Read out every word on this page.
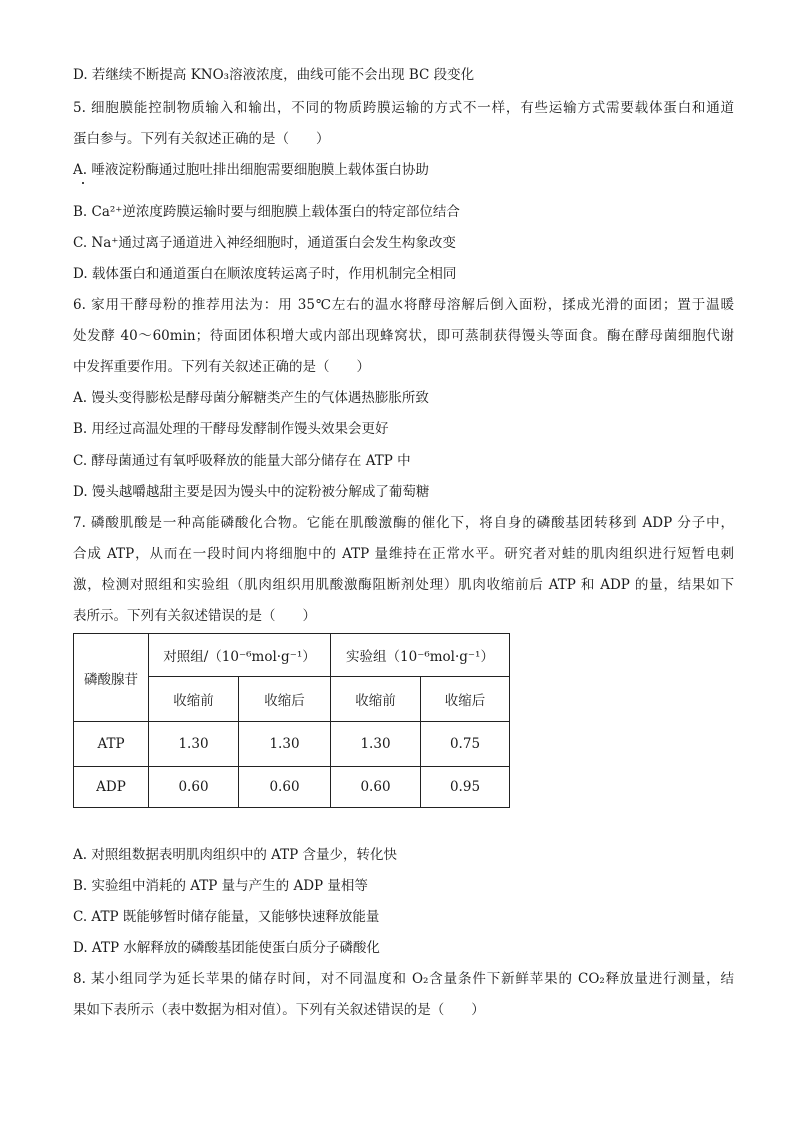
D. 若继续不断提高 KNO₃溶液浓度，曲线可能不会出现 BC 段变化
5. 细胞膜能控制物质输入和输出，不同的物质跨膜运输的方式不一样，有些运输方式需要载体蛋白和通道
蛋白参与。下列有关叙述正确的是（　　）
A. 唾液淀粉酶通过胞吐排出细胞需要细胞膜上载体蛋白协助
B. Ca²⁺逆浓度跨膜运输时要与细胞膜上载体蛋白的特定部位结合
C. Na⁺通过离子通道进入神经细胞时，通道蛋白会发生构象改变
D. 载体蛋白和通道蛋白在顺浓度转运离子时，作用机制完全相同
6. 家用干酵母粉的推荐用法为：用 35℃左右的温水将酵母溶解后倒入面粉，揉成光滑的面团；置于温暖
处发酵 40～60min；待面团体积增大或内部出现蜂窝状，即可蒸制获得馒头等面食。酶在酵母菌细胞代谢
中发挥重要作用。下列有关叙述正确的是（　　）
A. 馒头变得膨松是酵母菌分解糖类产生的气体遇热膨胀所致
B. 用经过高温处理的干酵母发酵制作馒头效果会更好
C. 酵母菌通过有氧呼吸释放的能量大部分储存在 ATP 中
D. 馒头越嚼越甜主要是因为馒头中的淀粉被分解成了葡萄糖
7. 磷酸肌酸是一种高能磷酸化合物。它能在肌酸激酶的催化下，将自身的磷酸基团转移到 ADP 分子中，
合成 ATP，从而在一段时间内将细胞中的 ATP 量维持在正常水平。研究者对蛙的肌肉组织进行短暂电刺
激，检测对照组和实验组（肌肉组织用肌酸激酶阻断剂处理）肌肉收缩前后 ATP 和 ADP 的量，结果如下
表所示。下列有关叙述错误的是（　　）
磷酸腺苷	对照组/（10⁻⁶mol·g⁻¹）		实验组（10⁻⁶mol·g⁻¹）	
	收缩前	收缩后	收缩前	收缩后
ATP	1.30	1.30	1.30	0.75
ADP	0.60	0.60	0.60	0.95
A. 对照组数据表明肌肉组织中的 ATP 含量少，转化快
B. 实验组中消耗的 ATP 量与产生的 ADP 量相等
C. ATP 既能够暂时储存能量，又能够快速释放能量
D. ATP 水解释放的磷酸基团能使蛋白质分子磷酸化
8. 某小组同学为延长苹果的储存时间，对不同温度和 O₂含量条件下新鲜苹果的 CO₂释放量进行测量，结
果如下表所示（表中数据为相对值）。下列有关叙述错误的是（　　）
